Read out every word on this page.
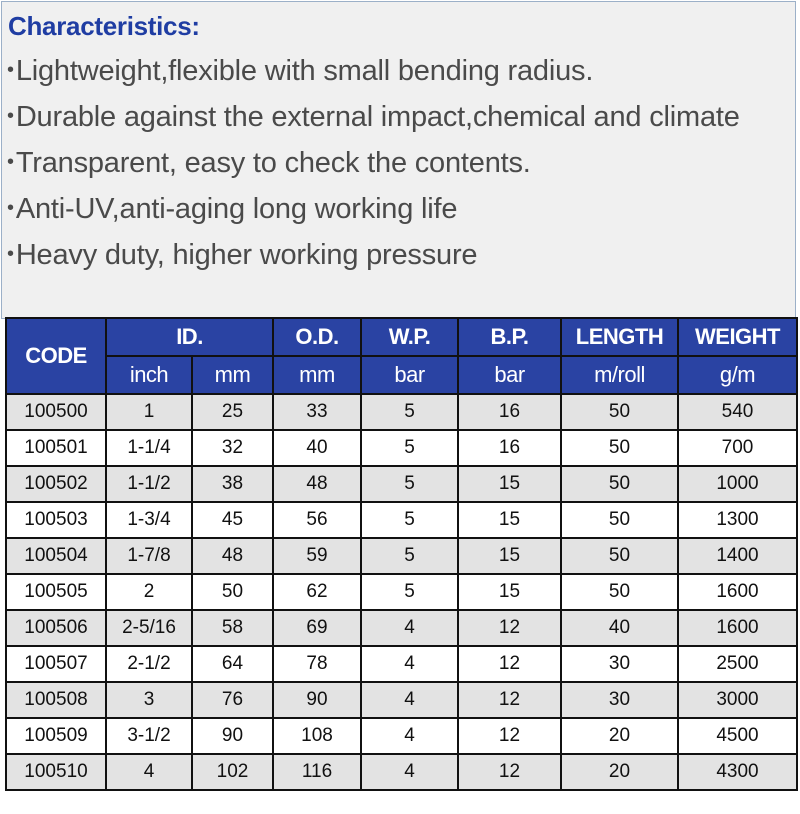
Characteristics:
•Lightweight,flexible with small bending radius.
•Durable against the external impact,chemical and climate
•Transparent, easy to check the contents.
•Anti-UV,anti-aging long working life
•Heavy duty, higher working pressure
CODE	ID.		O.D.	W.P.	B.P.	LENGTH	WEIGHT
	inch	mm	mm	bar	bar	m/roll	g/m
100500	1	25	33	5	16	50	540
100501	1-1/4	32	40	5	16	50	700
100502	1-1/2	38	48	5	15	50	1000
100503	1-3/4	45	56	5	15	50	1300
100504	1-7/8	48	59	5	15	50	1400
100505	2	50	62	5	15	50	1600
100506	2-5/16	58	69	4	12	40	1600
100507	2-1/2	64	78	4	12	30	2500
100508	3	76	90	4	12	30	3000
100509	3-1/2	90	108	4	12	20	4500
100510	4	102	116	4	12	20	4300
